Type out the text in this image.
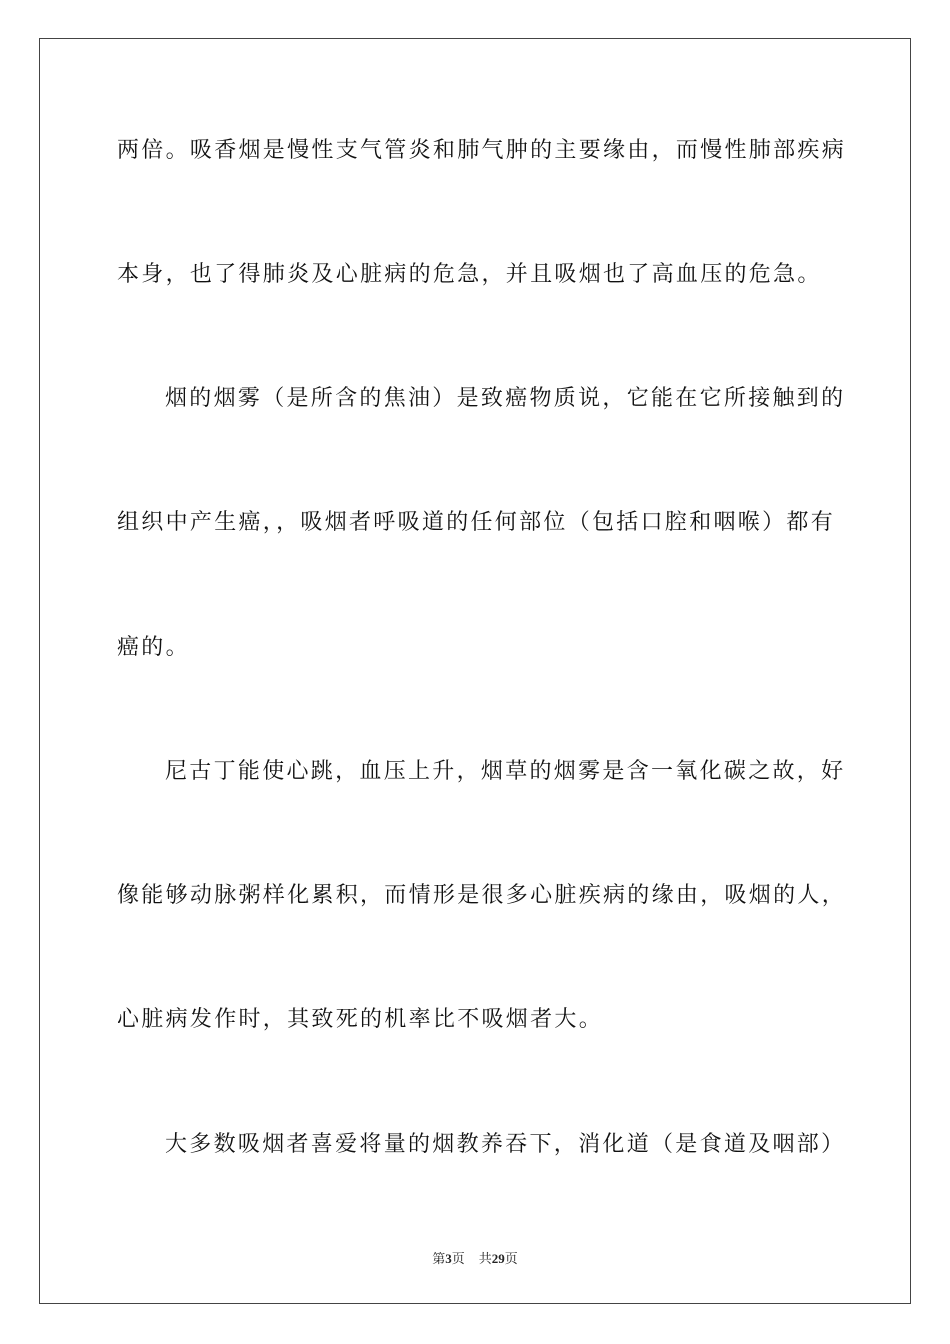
两倍。吸香烟是慢性支气管炎和肺气肿的主要缘由，而慢性肺部疾病
本身，也了得肺炎及心脏病的危急，并且吸烟也了高血压的危急。
烟的烟雾（是所含的焦油）是致癌物质说，它能在它所接触到的
组织中产生癌，，吸烟者呼吸道的任何部位（包括口腔和咽喉）都有
癌的。
尼古丁能使心跳，血压上升，烟草的烟雾是含一氧化碳之故，好
像能够动脉粥样化累积，而情形是很多心脏疾病的缘由，吸烟的人，
心脏病发作时，其致死的机率比不吸烟者大。
大多数吸烟者喜爱将量的烟教养吞下，消化道（是食道及咽部）
第3页 共29页
